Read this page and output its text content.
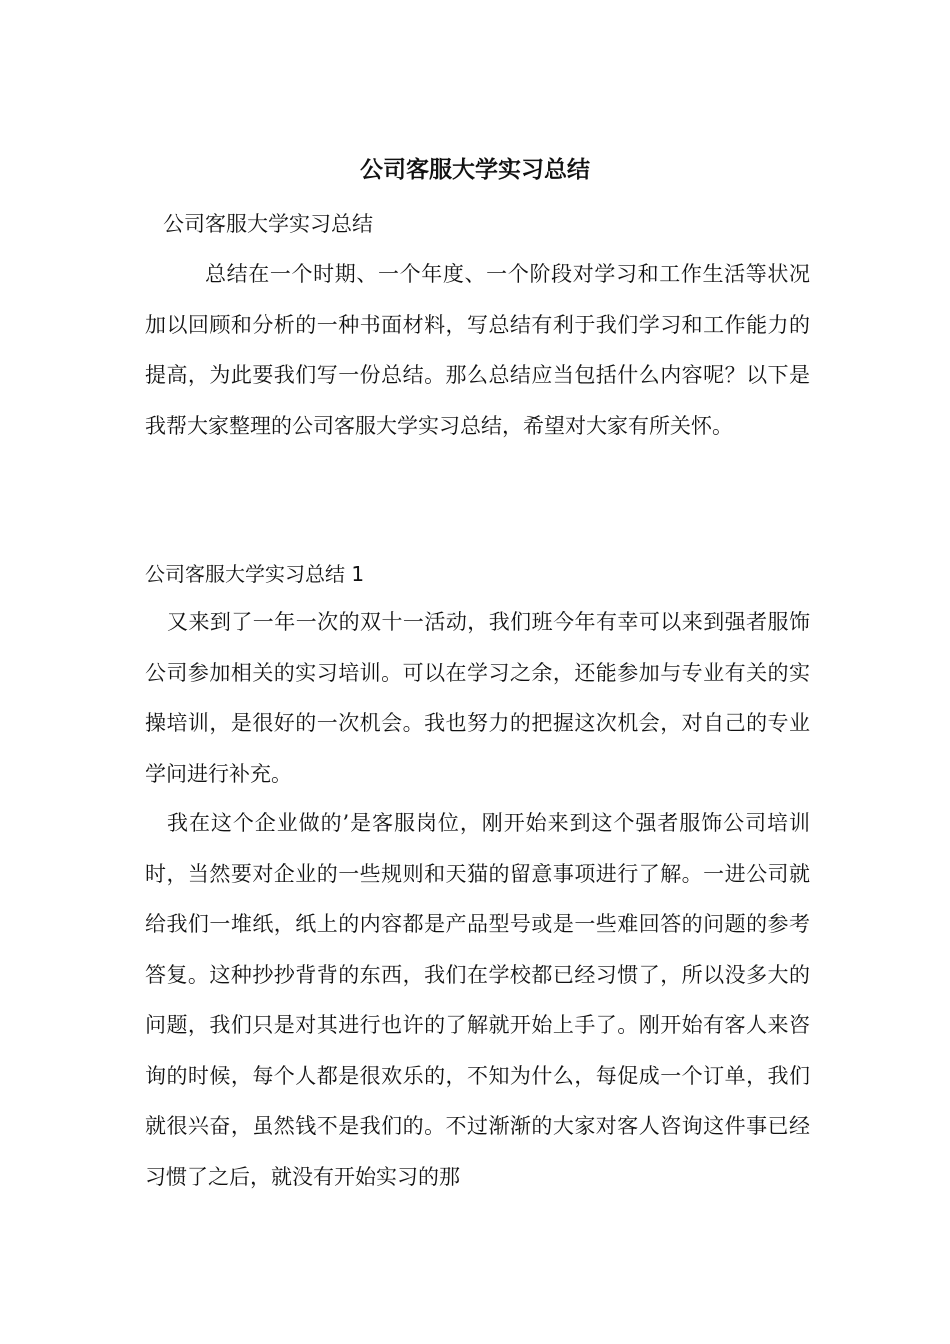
公司客服大学实习总结

公司客服大学实习总结

总结在一个时期、一个年度、一个阶段对学习和工作生活等状况加以回顾和分析的一种书面材料，写总结有利于我们学习和工作能力的提高，为此要我们写一份总结。那么总结应当包括什么内容呢？以下是我帮大家整理的公司客服大学实习总结，希望对大家有所关怀。

公司客服大学实习总结 1

又来到了一年一次的双十一活动，我们班今年有幸可以来到强者服饰公司参加相关的实习培训。可以在学习之余，还能参加与专业有关的实操培训，是很好的一次机会。我也努力的把握这次机会，对自己的专业学问进行补充。

我在这个企业做的’是客服岗位，刚开始来到这个强者服饰公司培训时，当然要对企业的一些规则和天猫的留意事项进行了解。一进公司就给我们一堆纸，纸上的内容都是产品型号或是一些难回答的问题的参考答复。这种抄抄背背的东西，我们在学校都已经习惯了，所以没多大的问题，我们只是对其进行也许的了解就开始上手了。刚开始有客人来咨询的时候，每个人都是很欢乐的，不知为什么，每促成一个订单，我们就很兴奋，虽然钱不是我们的。不过渐渐的大家对客人咨询这件事已经习惯了之后，就没有开始实习的那
